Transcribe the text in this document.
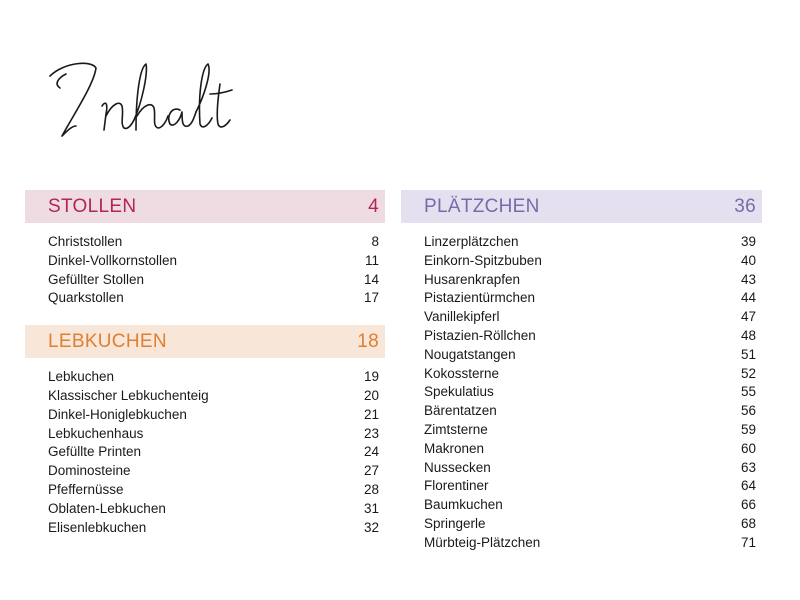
STOLLEN	4
Christstollen	8
Dinkel-Vollkornstollen	11
Gefüllter Stollen	14
Quarkstollen	17
LEBKUCHEN	18
Lebkuchen	19
Klassischer Lebkuchenteig	20
Dinkel-Honiglebkuchen	21
Lebkuchenhaus	23
Gefüllte Printen	24
Dominosteine	27
Pfeffernüsse	28
Oblaten-Lebkuchen	31
Elisenlebkuchen	32
PLÄTZCHEN	36
Linzerplätzchen	39
Einkorn-Spitzbuben	40
Husarenkrapfen	43
Pistazientürmchen	44
Vanillekipferl	47
Pistazien-Röllchen	48
Nougatstangen	51
Kokossterne	52
Spekulatius	55
Bärentatzen	56
Zimtsterne	59
Makronen	60
Nussecken	63
Florentiner	64
Baumkuchen	66
Springerle	68
Mürbteig-Plätzchen	71
